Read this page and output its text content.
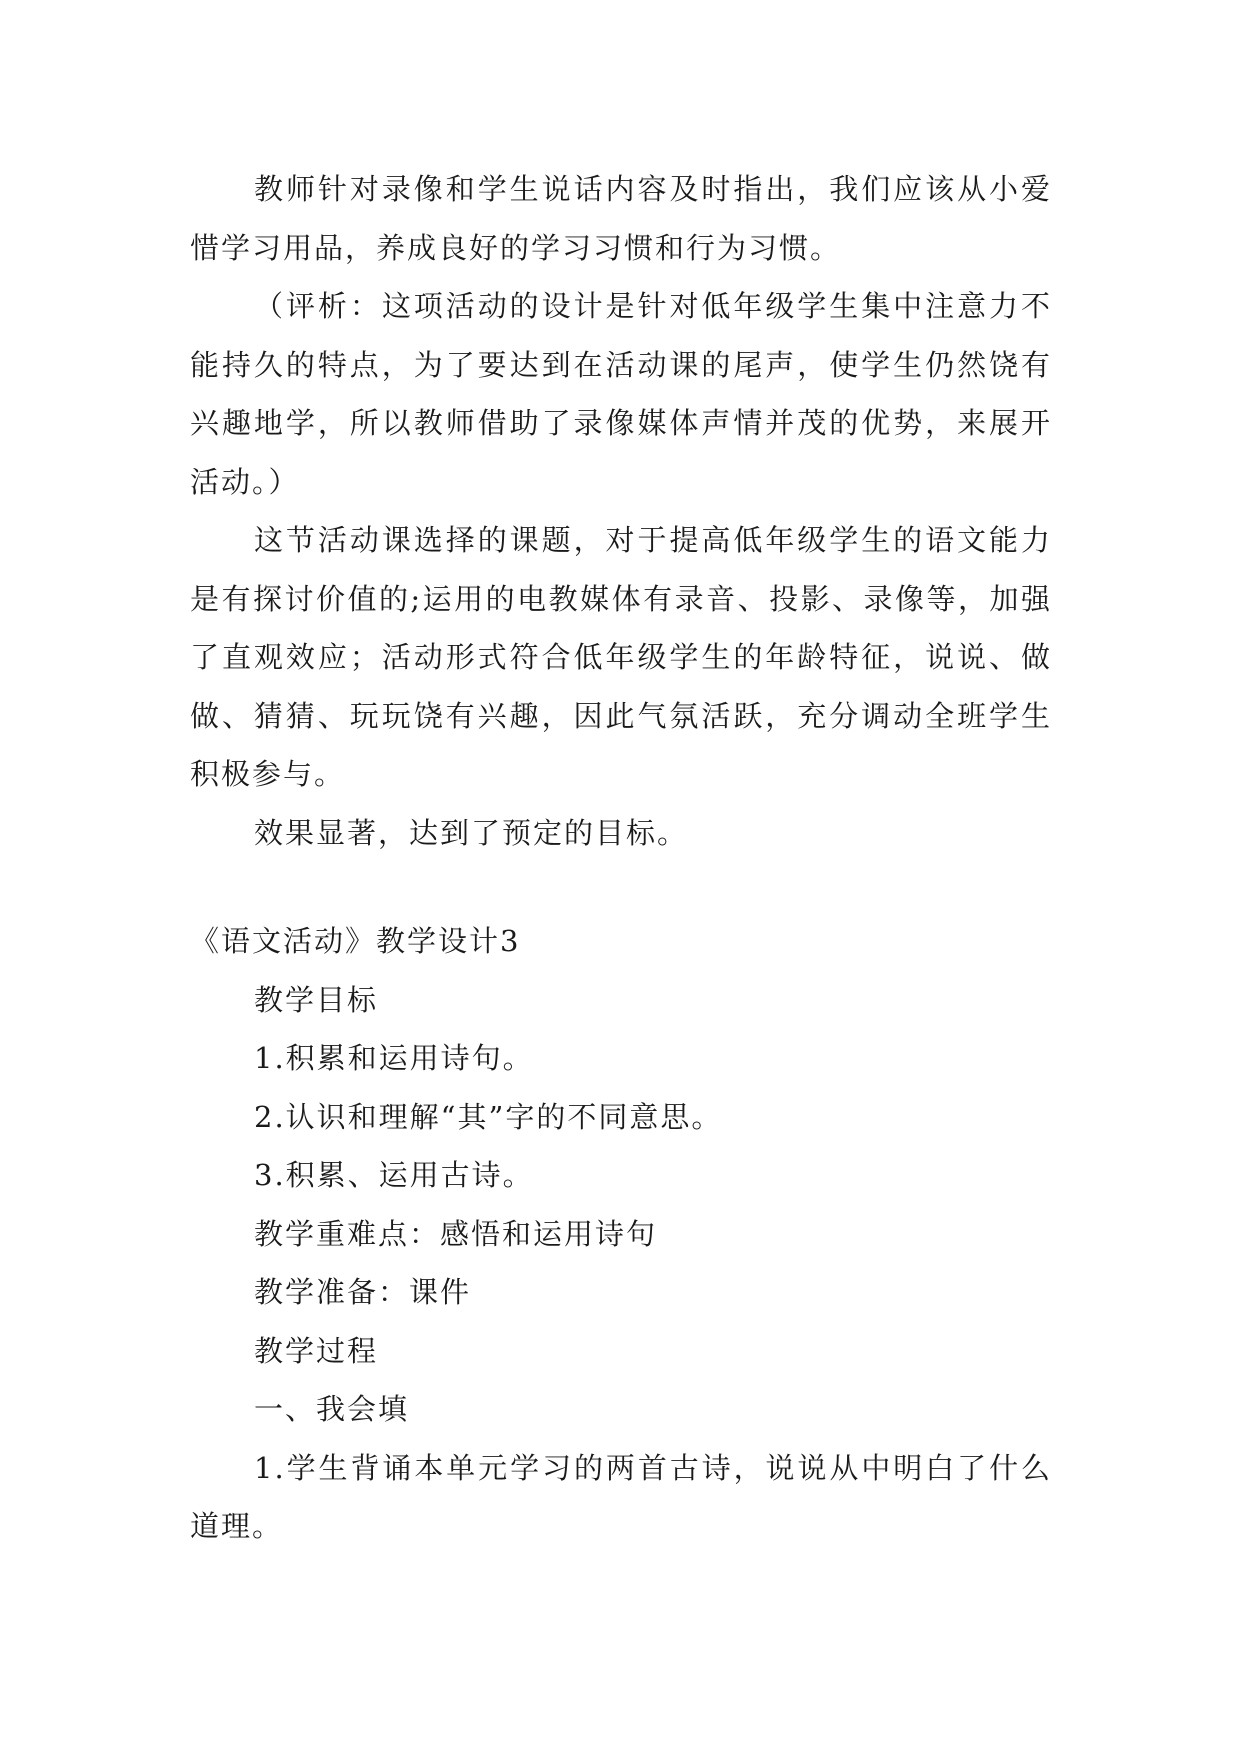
教师针对录像和学生说话内容及时指出，我们应该从小爱惜学习用品，养成良好的学习习惯和行为习惯。

（评析：这项活动的设计是针对低年级学生集中注意力不能持久的特点，为了要达到在活动课的尾声，使学生仍然饶有兴趣地学，所以教师借助了录像媒体声情并茂的优势，来展开活动。）

这节活动课选择的课题，对于提高低年级学生的语文能力是有探讨价值的;运用的电教媒体有录音、投影、录像等，加强了直观效应；活动形式符合低年级学生的年龄特征，说说、做做、猜猜、玩玩饶有兴趣，因此气氛活跃，充分调动全班学生积极参与。

效果显著，达到了预定的目标。

《语文活动》教学设计3

教学目标

1.积累和运用诗句。

2.认识和理解“其”字的不同意思。

3.积累、运用古诗。

教学重难点：感悟和运用诗句

教学准备：课件

教学过程

一、我会填

1.学生背诵本单元学习的两首古诗，说说从中明白了什么道理。
